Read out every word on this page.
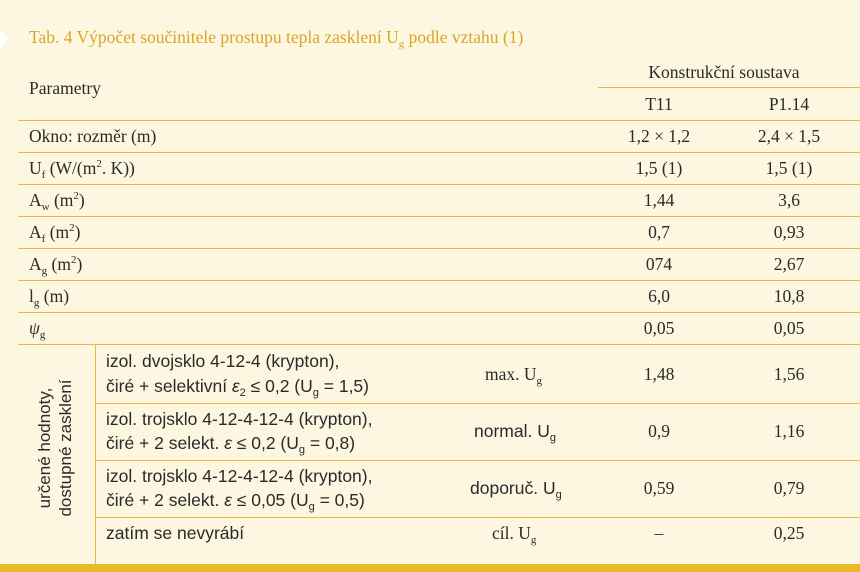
Tab. 4 Výpočet součinitele prostupu tepla zasklení $U_g$ podle vztahu (1)
Parametry
Konstrukční soustava
T11	P1.14
Okno: rozměr (m)	1,2 × 1,2	2,4 × 1,5
$U_f$ ($W/(m^2$. K))	1,5 (1)	1,5 (1)
$A_w$ $(m^2)$	1,44	3,6
$A_f$ $(m^2)$	0,7	0,93
$A_g$ $(m^2)$	074	2,67
$l_g$ (m)	6,0	10,8
$\psi_g$	0,05	0,05
určené hodnoty, dostupné zasklení
izol. dvojsklo 4-12-4 (krypton),
čiré + selektivní $\varepsilon_2 \le 0,2$ $(U_g = 1,5)$
max. $U_g$	1,48	1,56
izol. trojsklo 4-12-4-12-4 (krypton),
čiré + 2 selekt. ε ≤ 0,2 $(U_g = 0,8)$
normal. $U_g$	0,9	1,16
izol. trojsklo 4-12-4-12-4 (krypton),
čiré + 2 selekt. ε ≤ 0,05 $(U_g = 0,5)$
doporuč. $U_g$	0,59	0,79
zatím se nevyrábí	cíl. $U_g$	–	0,25
